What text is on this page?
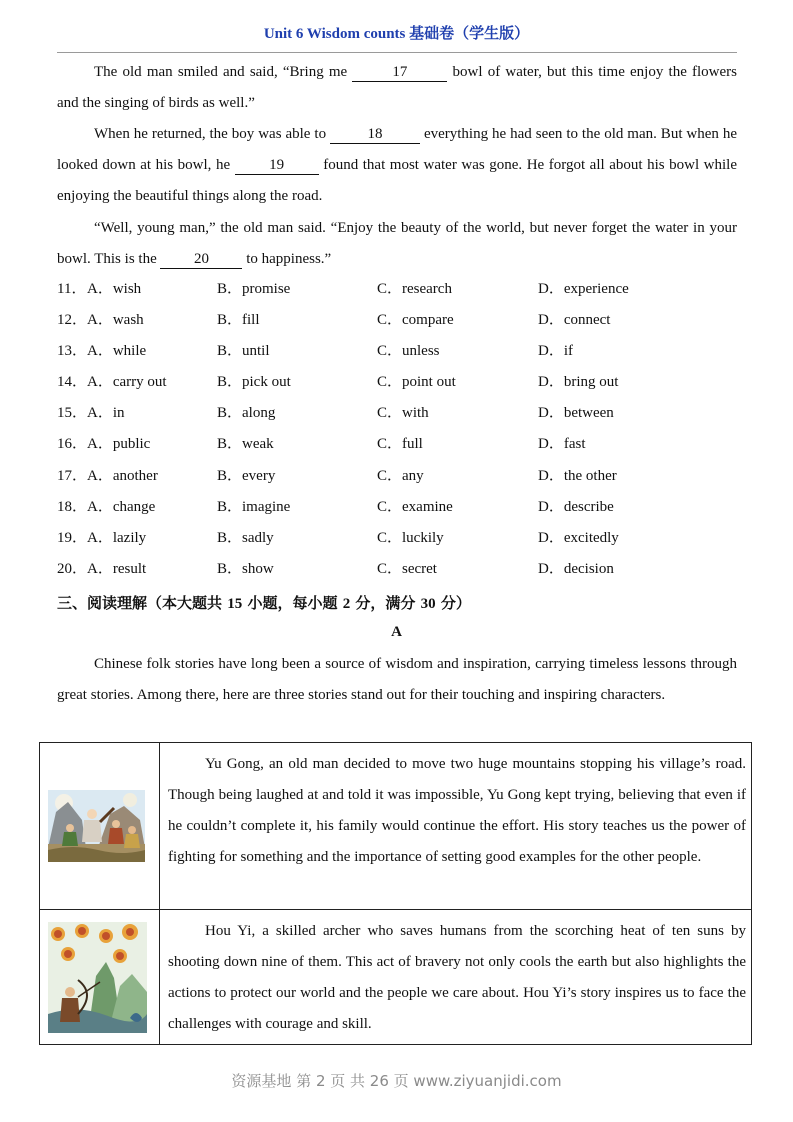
Unit 6 Wisdom counts 基础卷（学生版）

The old man smiled and said, “Bring me	17	bowl of water, but this time enjoy the flowers and the singing of birds as well.”

When he returned, the boy was able to	18	everything he had seen to the old man. But when he looked down at his bowl, he 19 found that most water was gone. He forgot all about his bowl while enjoying the beautiful things along the road.

“Well, young man,” the old man said. “Enjoy the beauty of the world, but never forget the water in your bowl. This is the 20 to happiness.”

11． A．wish	B．promise	C．research	D．experience
12． A．wash	B．fill	C．compare	D．connect
13． A．while	B．until	C．unless	D．if
14． A．carry out	B．pick out	C．point out	D．bring out
15． A．in	B．along	C．with	D．between
16． A．public	B．weak	C．full	D．fast
17． A．another	B．every	C．any	D．the other
18． A．change	B．imagine	C．examine	D．describe
19． A．lazily	B．sadly	C．luckily	D．excitedly
20． A．result	B．show	C．secret	D．decision
三、阅读理解（本大题共 15 小题，每小题 2 分，满分 30 分）
A

Chinese folk stories have long been a source of wisdom and inspiration, carrying timeless lessons through great stories. Among there, here are three stories stand out for their touching and inspiring characters.

Yu Gong, an old man decided to move two huge mountains stopping his village’s road. Though being laughed at and told it was impossible, Yu Gong kept trying, believing that even if he couldn’t complete it, his family would continue the effort. His story teaches us the power of fighting for something and the importance of setting good examples for the other people.
Hou Yi, a skilled archer who saves humans from the scorching heat of ten suns by shooting down nine of them. This act of bravery not only cools the earth but also highlights the actions to protect our world and the people we care about. Hou Yi’s story inspires us to face the challenges with courage and skill.
资源基地 第 2 页 共 26 页 www.ziyuanjidi.com
